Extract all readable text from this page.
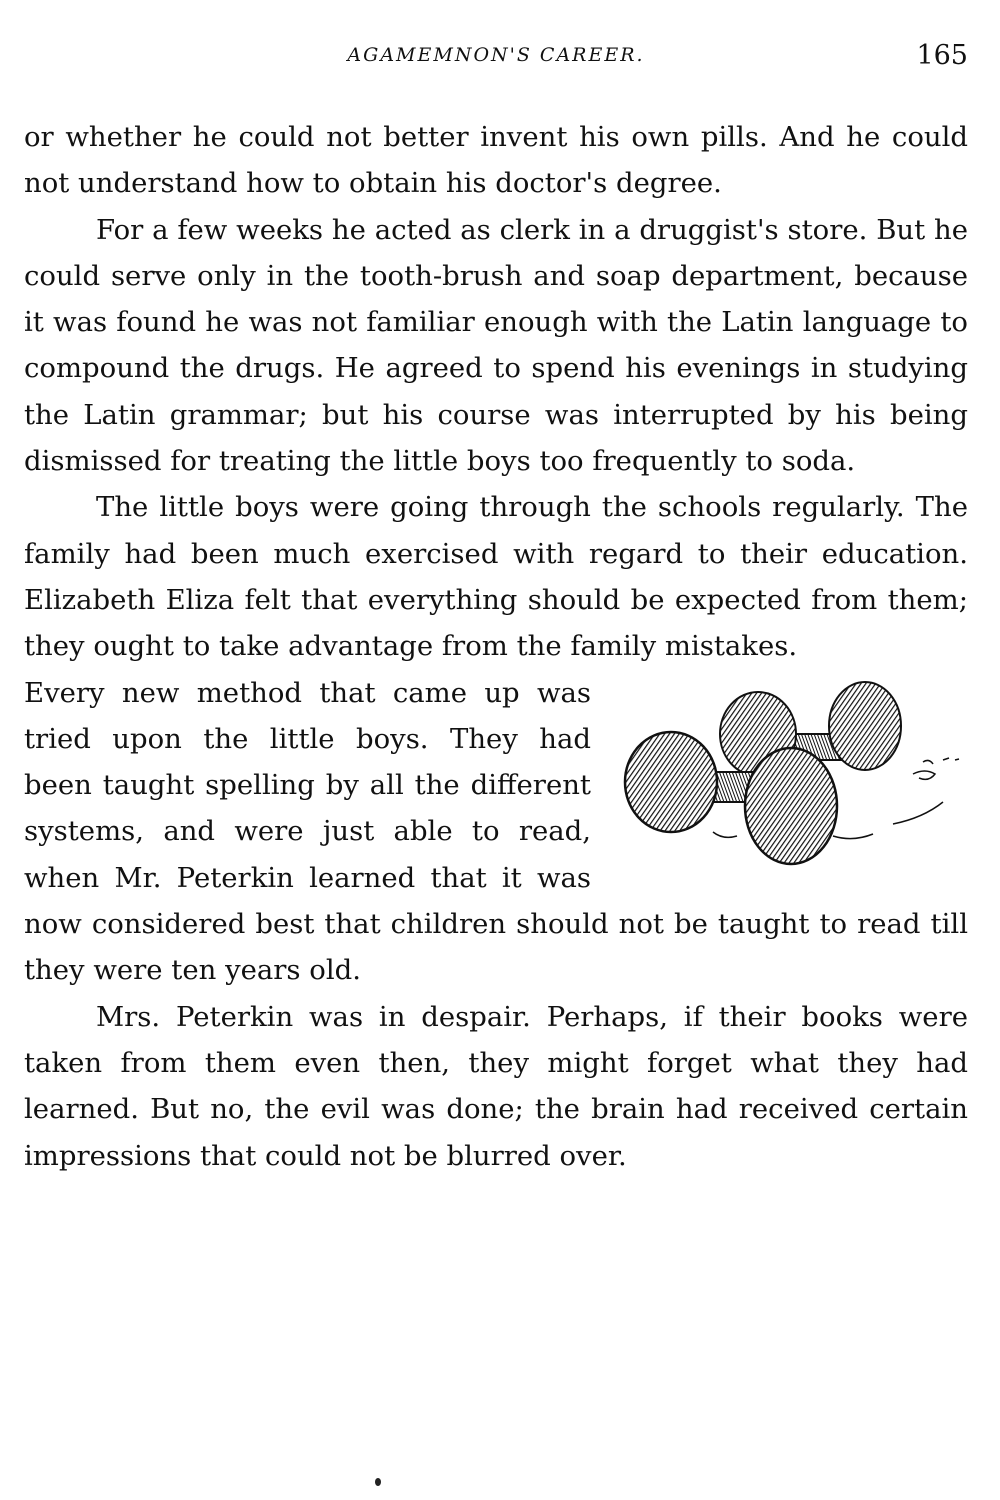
AGAMEMNON'S CAREER.	165

or whether he could not better invent his own pills. And he could not understand how to obtain his doctor's degree.

For a few weeks he acted as clerk in a druggist's store. But he could serve only in the tooth-brush and soap department, because it was found he was not familiar enough with the Latin language to compound the drugs. He agreed to spend his evenings in studying the Latin grammar; but his course was interrupted by his being dismissed for treating the little boys too frequently to soda.

The little boys were going through the schools regularly. The family had been much exercised with regard to their education. Elizabeth Eliza felt that everything should be expected from them; they ought to take advantage from the family mistakes.

Every new method that came up was tried upon the little boys. They had been taught spelling by all the different systems, and were just able to read, when Mr. Peterkin learned that it was now considered best that children should not be taught to read till they were ten years old.

Mrs. Peterkin was in despair. Perhaps, if their books were taken from them even then, they might forget what they had learned. But no, the evil was done; the brain had received certain impressions that could not be blurred over.
